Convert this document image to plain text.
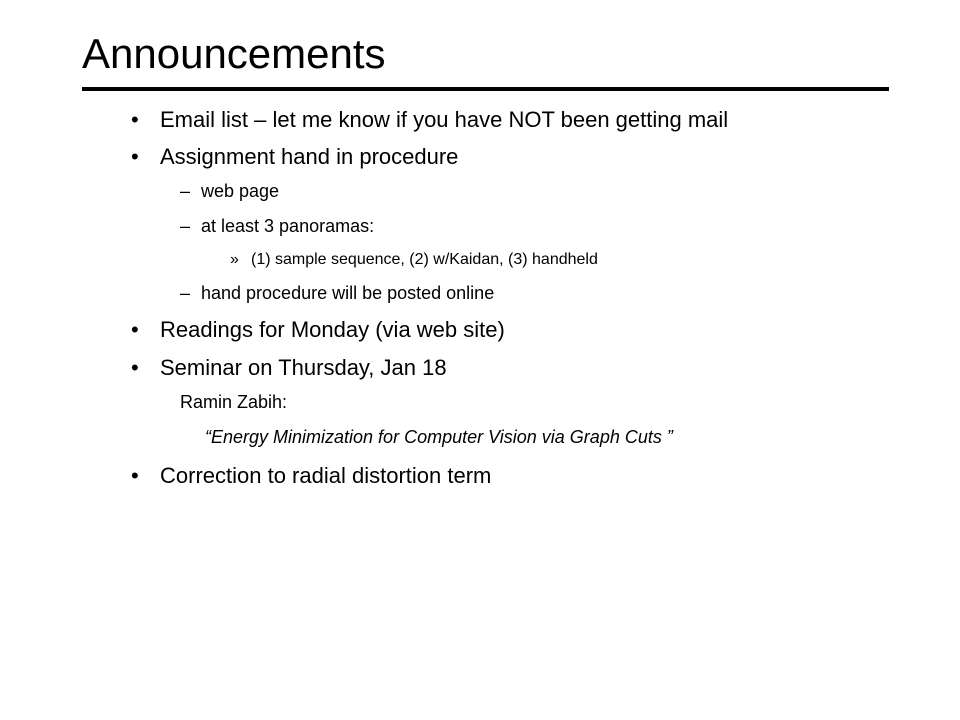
Announcements
• Email list – let me know if you have NOT been getting mail
• Assignment hand in procedure
– web page
– at least 3 panoramas:
» (1) sample sequence, (2) w/Kaidan, (3) handheld
– hand procedure will be posted online
• Readings for Monday (via web site)
• Seminar on Thursday, Jan 18
Ramin Zabih:
“Energy Minimization for Computer Vision via Graph Cuts ”
• Correction to radial distortion term
